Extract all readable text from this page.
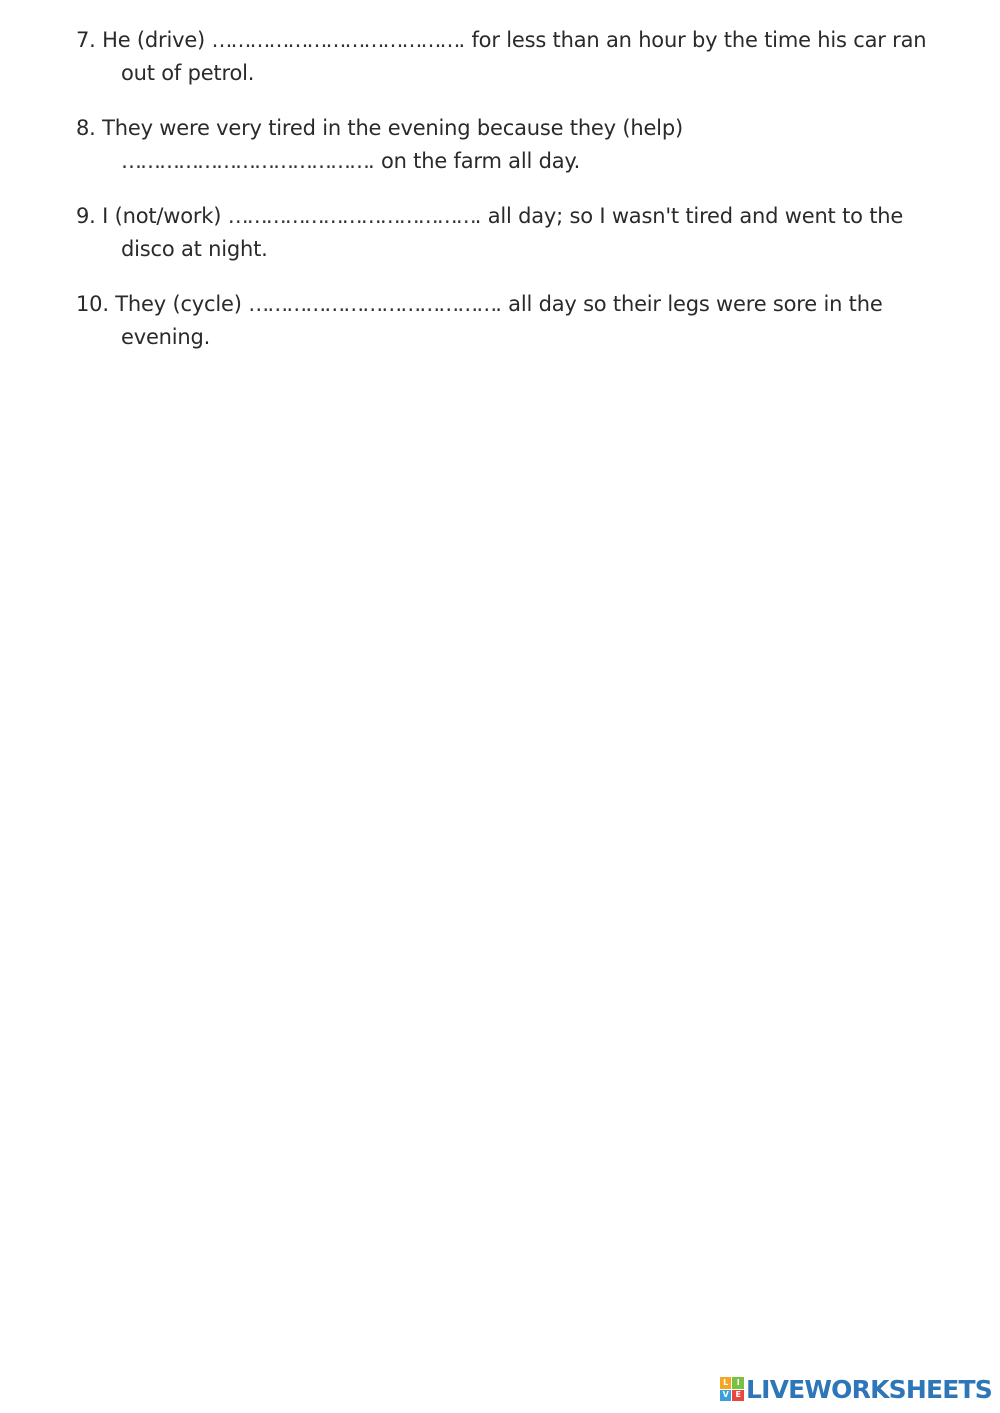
7. He (drive) …………………………………. for less than an hour by the time his car ran out of petrol.

8. They were very tired in the evening because they (help) …………………………………. on the farm all day.

9. I (not/work) …………………………………. all day; so I wasn't tired and went to the disco at night.

10. They (cycle) …………………………………. all day so their legs were sore in the evening.

L	I
V E LIVEWORKSHEETS
